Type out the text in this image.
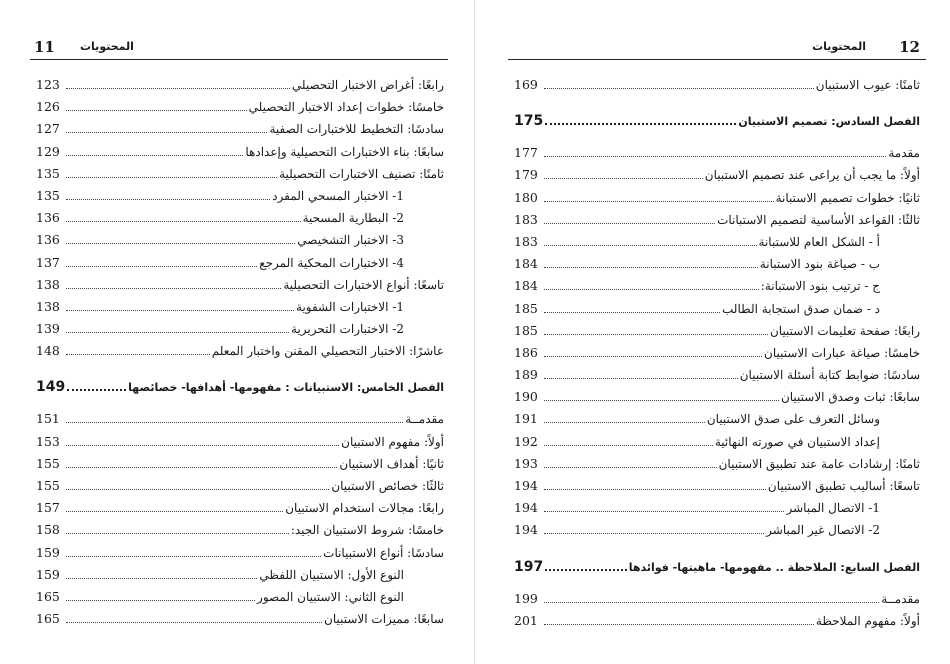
11 المحتويات
رابعًا: أغراض الاختبار التحصيلي
123
خامسًا: خطوات إعداد الاختبار التحصيلي
126
سادسًا: التخطيط للاختبارات الصفية
127
سابعًا: بناء الاختبارات التحصيلية وإعدادها
129
ثامنًا: تصنيف الاختبارات التحصيلية
135
1- الاختبار المسحي المفرد
135
2- البطارية المسحية
136
3- الاختبار التشخيصي
136
4- الاختبارات المحكية المرجع
137
تاسعًا: أنواع الاختبارات التحصيلية
138
1- الاختبارات الشفوية
138
2- الاختبارات التحريرية
139
عاشرًا: الاختبار التحصيلي المقنن واختبار المعلم
148
الفصل الخامس: الاستبيانات : مفهومها- أهدافها- خصائصها
149
مقدمــة
151
أولاً: مفهوم الاستبيان
153
ثانيًا: أهداف الاستبيان
155
ثالثًا: خصائص الاستبيان
155
رابعًا: مجالات استخدام الاستبيان
157
خامسًا: شروط الاستبيان الجيد:
158
سادسًا: أنواع الاستبيانات
159
النوع الأول: الاستبيان اللفظي
159
النوع الثاني: الاستبيان المصور
165
سابعًا: مميزات الاستبيان
165
12
المحتويات
ثامنًا: عيوب الاستبيان
169
الفصل السادس: تصميم الاستبيان
175
مقدمة
177
أولاً: ما يجب أن يراعى عند تصميم الاستبيان
179
ثانيًا: خطوات تصميم الاستبانة
180
ثالثًا: القواعد الأساسية لتصميم الاستبانات
183
أ - الشكل العام للاستبانة
183
ب - صياغة بنود الاستبانة
184
ج - ترتيب بنود الاستبانة:
184
د - ضمان صدق استجابة الطالب
185
رابعًا: صفحة تعليمات الاستبيان
185
خامسًا: صياغة عبارات الاستبيان
186
سادسًا: ضوابط كتابة أسئلة الاستبيان
189
سابعًا: ثبات وصدق الاستبيان
190
وسائل التعرف على صدق الاستبيان
191
إعداد الاستبيان في صورته النهائية
192
ثامنًا: إرشادات عامة عند تطبيق الاستبيان
193
تاسعًا: أساليب تطبيق الاستبيان
194
1- الاتصال المباشر
194
2- الاتصال غير المباشر
194
الفصل السابع: الملاحظة .. مفهومها- ماهيتها- فوائدها
197
مقدمــة
199
أولاً: مفهوم الملاحظة
201
